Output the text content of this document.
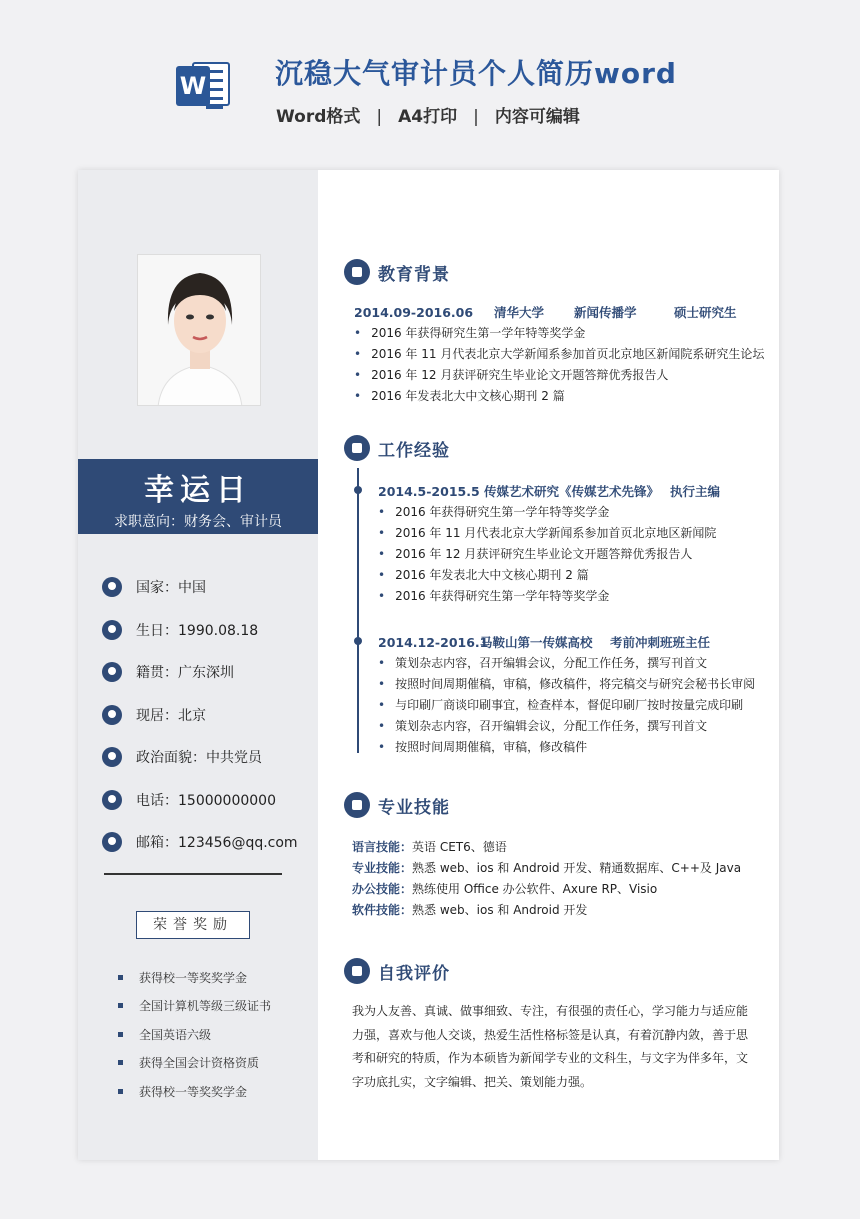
W 沉稳大气审计员个人简历word
Word格式 | A4打印 | 内容可编辑
幸运日
求职意向：财务会、审计员
国家：中国
生日：1990.08.18
籍贯：广东深圳
现居：北京
政治面貌：中共党员
电话：15000000000
邮箱：123456@qq.com
荣誉奖励
获得校一等奖奖学金
全国计算机等级三级证书
全国英语六级
获得全国会计资格资质
获得校一等奖奖学金
教育背景
2014.09-2016.06 清华大学 新闻传播学	硕士研究生
• 2016 年获得研究生第一学年特等奖学金
• 2016 年 11 月代表北京大学新闻系参加首页北京地区新闻院系研究生论坛
• 2016 年 12 月获评研究生毕业论文开题答辩优秀报告人
• 2016 年发表北大中文核心期刊 2 篇
工作经验
2014.5-2015.5 传媒艺术研究《传媒艺术先锋》 执行主编
• 2016 年获得研究生第一学年特等奖学金
• 2016 年 11 月代表北京大学新闻系参加首页北京地区新闻院
• 2016 年 12 月获评研究生毕业论文开题答辩优秀报告人
• 2016 年发表北大中文核心期刊 2 篇
• 2016 年获得研究生第一学年特等奖学金
2014.12-2016.1马鞍山第一传媒高校 考前冲刺班班主任
• 策划杂志内容，召开编辑会议，分配工作任务，撰写刊首文
• 按照时间周期催稿，审稿，修改稿件，将完稿交与研究会秘书长审阅
• 与印刷厂商谈印刷事宜，检查样本，督促印刷厂按时按量完成印刷
• 策划杂志内容，召开编辑会议，分配工作任务，撰写刊首文
• 按照时间周期催稿，审稿，修改稿件
专业技能
语言技能： 英语 CET6、德语
专业技能： 熟悉 web、ios 和 Android 开发、精通数据库、C++及 Java
办公技能： 熟练使用 Office 办公软件、Axure RP、Visio
软件技能： 熟悉 web、ios 和 Android 开发
自我评价

我为人友善、真诚、做事细致、专注，有很强的责任心，学习能力与适应能力强，喜欢与他人交谈，热爱生活性格标签是认真，有着沉静内敛，善于思考和研究的特质，作为本硕皆为新闻学专业的文科生，与文字为伴多年，文字功底扎实，文字编辑、把关、策划能力强。
